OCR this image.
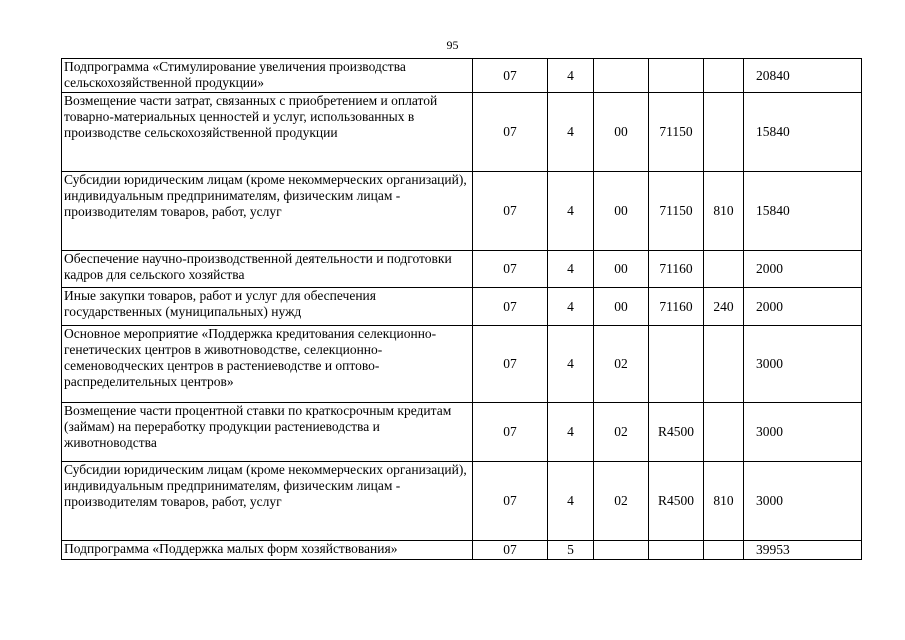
95
Подпрограмма «Стимулирование увеличения производства сельскохозяйственной продукции»	07	4				20840
Возмещение части затрат, связанных с приобретением и оплатой товарно-материальных ценностей и услуг, использованных в производстве сельскохозяйственной продукции	07	4	00	71150		15840
Субсидии юридическим лицам (кроме некоммерческих организаций), индивидуальным предпринимателям, физическим лицам - производителям товаров, работ, услуг	07	4	00	71150	810	15840
Обеспечение научно-производственной деятельности и подготовки кадров для сельского хозяйства	07	4	00	71160		2000
Иные закупки товаров, работ и услуг для обеспечения государственных (муниципальных) нужд	07	4	00	71160	240	2000
Основное мероприятие «Поддержка кредитования селекционно-генетических центров в животноводстве, селекционно-семеноводческих центров в растениеводстве и оптово-распределительных центров»	07	4	02			3000
Возмещение части процентной ставки по краткосрочным кредитам (займам) на переработку продукции растениеводства и животноводства	07	4	02	R4500		3000
Субсидии юридическим лицам (кроме некоммерческих организаций), индивидуальным предпринимателям, физическим лицам - производителям товаров, работ, услуг	07	4	02	R4500	810	3000
Подпрограмма «Поддержка малых форм хозяйствования»	07	5				39953
